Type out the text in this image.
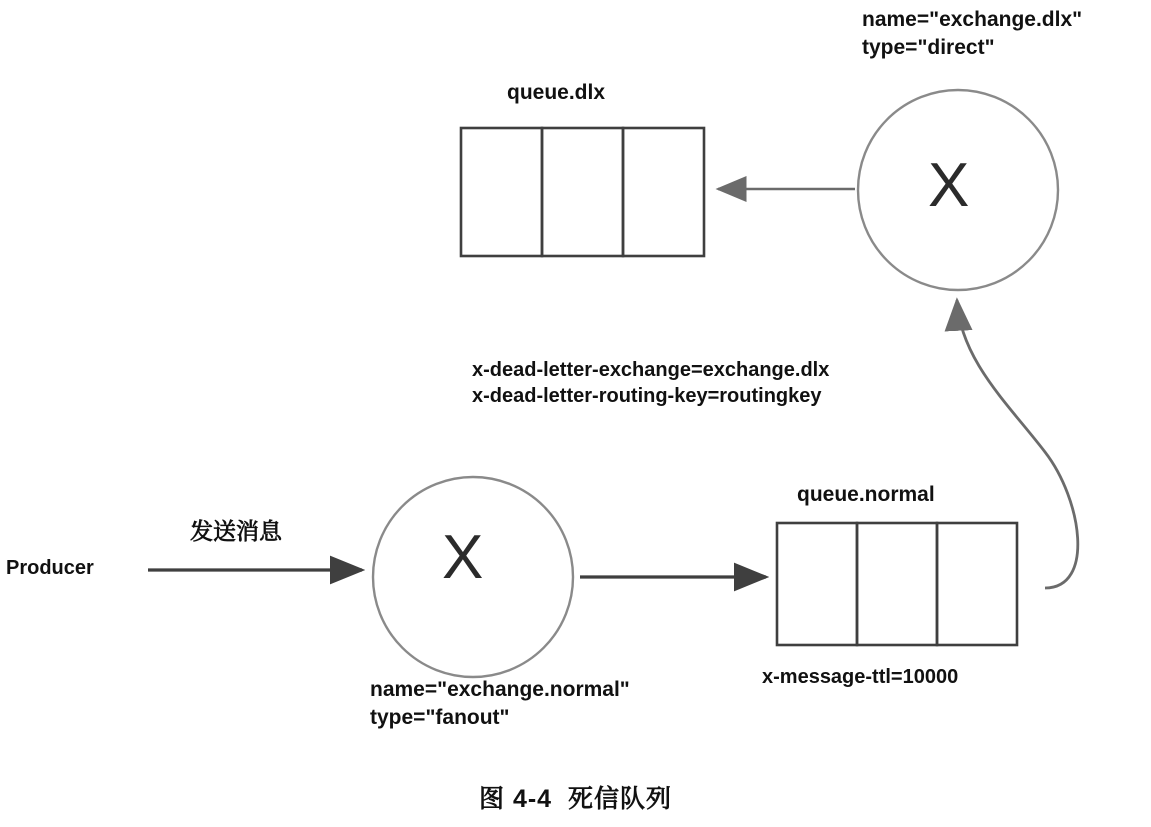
X
X
name="exchange.dlx"
type="direct"
queue.dlx
x-dead-letter-exchange=exchange.dlx
x-dead-letter-routing-key=routingkey
Producer
发送消息
queue.normal
x-message-ttl=10000
name="exchange.normal"
type="fanout"
图 4-4  死信队列
